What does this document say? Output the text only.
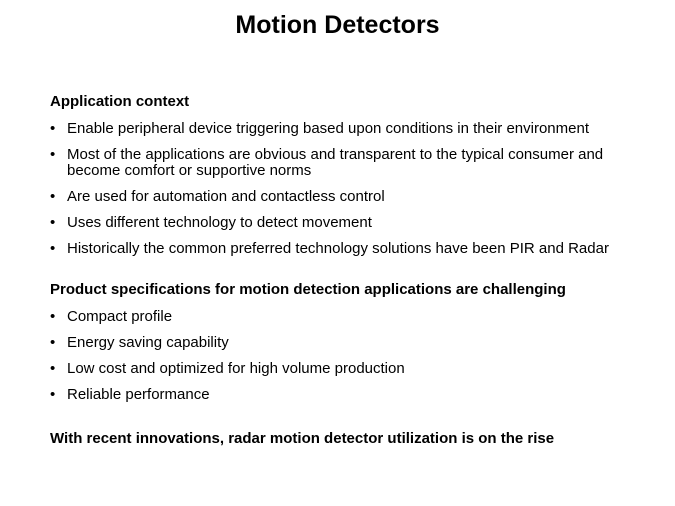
Motion Detectors
Application context
• Enable peripheral device triggering based upon conditions in their environment
• Most of the applications are obvious and transparent to the typical consumer and become comfort or supportive norms
• Are used for automation and contactless control
• Uses different technology to detect movement
• Historically the common preferred technology solutions have been PIR and Radar
Product specifications for motion detection applications are challenging
• Compact profile
• Energy saving capability
• Low cost and optimized for high volume production
• Reliable performance
With recent innovations, radar motion detector utilization is on the rise
